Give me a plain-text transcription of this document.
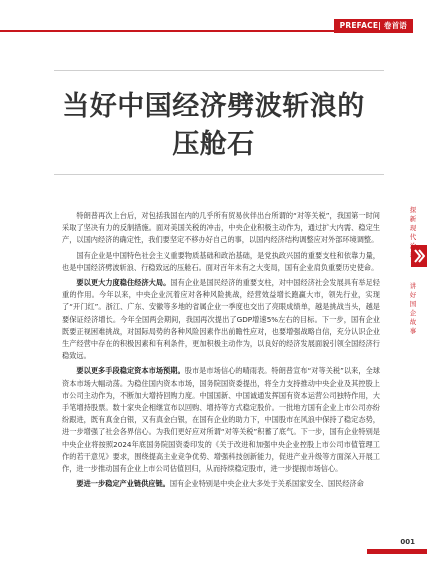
PREFACE| 卷首语
当好中国经济劈波斩浪的
压舱石
探新现代
讲好国企故事

特朗普再次上台后，对包括我国在内的几乎所有贸易伙伴出台所谓的“对等关税”，我国第一时间采取了坚决有力的反制措施。面对美国关税的冲击，中央企业积极主动作为，通过扩大内需、稳定生产，以国内经济的确定性，我们要坚定不移办好自己的事，以国内经济结构调整应对外部环境调整。

国有企业是中国特色社会主义重要物质基础和政治基础，是党执政兴国的重要支柱和依靠力量，也是中国经济劈波斩浪、行稳致远的压舱石。面对百年未有之大变局，国有企业肩负重要历史使命。

要以更大力度稳住经济大局。国有企业是国民经济的重要支柱，对中国经济社会发展具有举足轻重的作用。今年以来，中央企业沉着应对各种风险挑战，经营效益增长跑赢大市，领先行业，实现了“开门红”。浙江、广东、安徽等多地的省属企业一季度也交出了亮眼成绩单，越是挑战当头，越是要保证经济增长。今年全国两会期间，我国再次提出了GDP增速5%左右的目标。下一步，国有企业既要正视困难挑战，对国际局势的各种风险因素作出前瞻性应对，也要增强战略自信，充分认识企业生产经营中存在的积极因素和有利条件，更加积极主动作为，以良好的经济发展面貌引领全国经济行稳致远。

要以更多手段稳定资本市场预期。股市是市场信心的晴雨表。特朗普宣布“对等关税”以来，全球资本市场大幅动荡。为稳住国内资本市场，国务院国资委提出，将全力支持推动中央企业及其控股上市公司主动作为，不断加大增持回购力度。中国国新、中国诚通发挥国有资本运营公司独特作用，大手笔增持股票。数十家央企相继宣布以回购、增持等方式稳定股价。一批地方国有企业上市公司亦纷纷跟进，既有真金白银，又有真金白银，在国有企业的助力下，中国股市在风浪中保持了稳定态势，进一步增强了社会各界信心。为我们更好应对所谓“对等关税”积蓄了底气。下一步，国有企业特别是中央企业将按照2024年底国务院国资委印发的《关于改进和加强中央企业控股上市公司市值管理工作的若干意见》要求，围绕提高主业竞争优势、增强科技创新能力，促进产业升级等方面深入开展工作，进一步推动国有企业上市公司估值回归，从而持续稳定股市，进一步提振市场信心。

要进一步稳定产业链供应链。国有企业特别是中央企业大多处于关系国家安全、国民经济命

001
